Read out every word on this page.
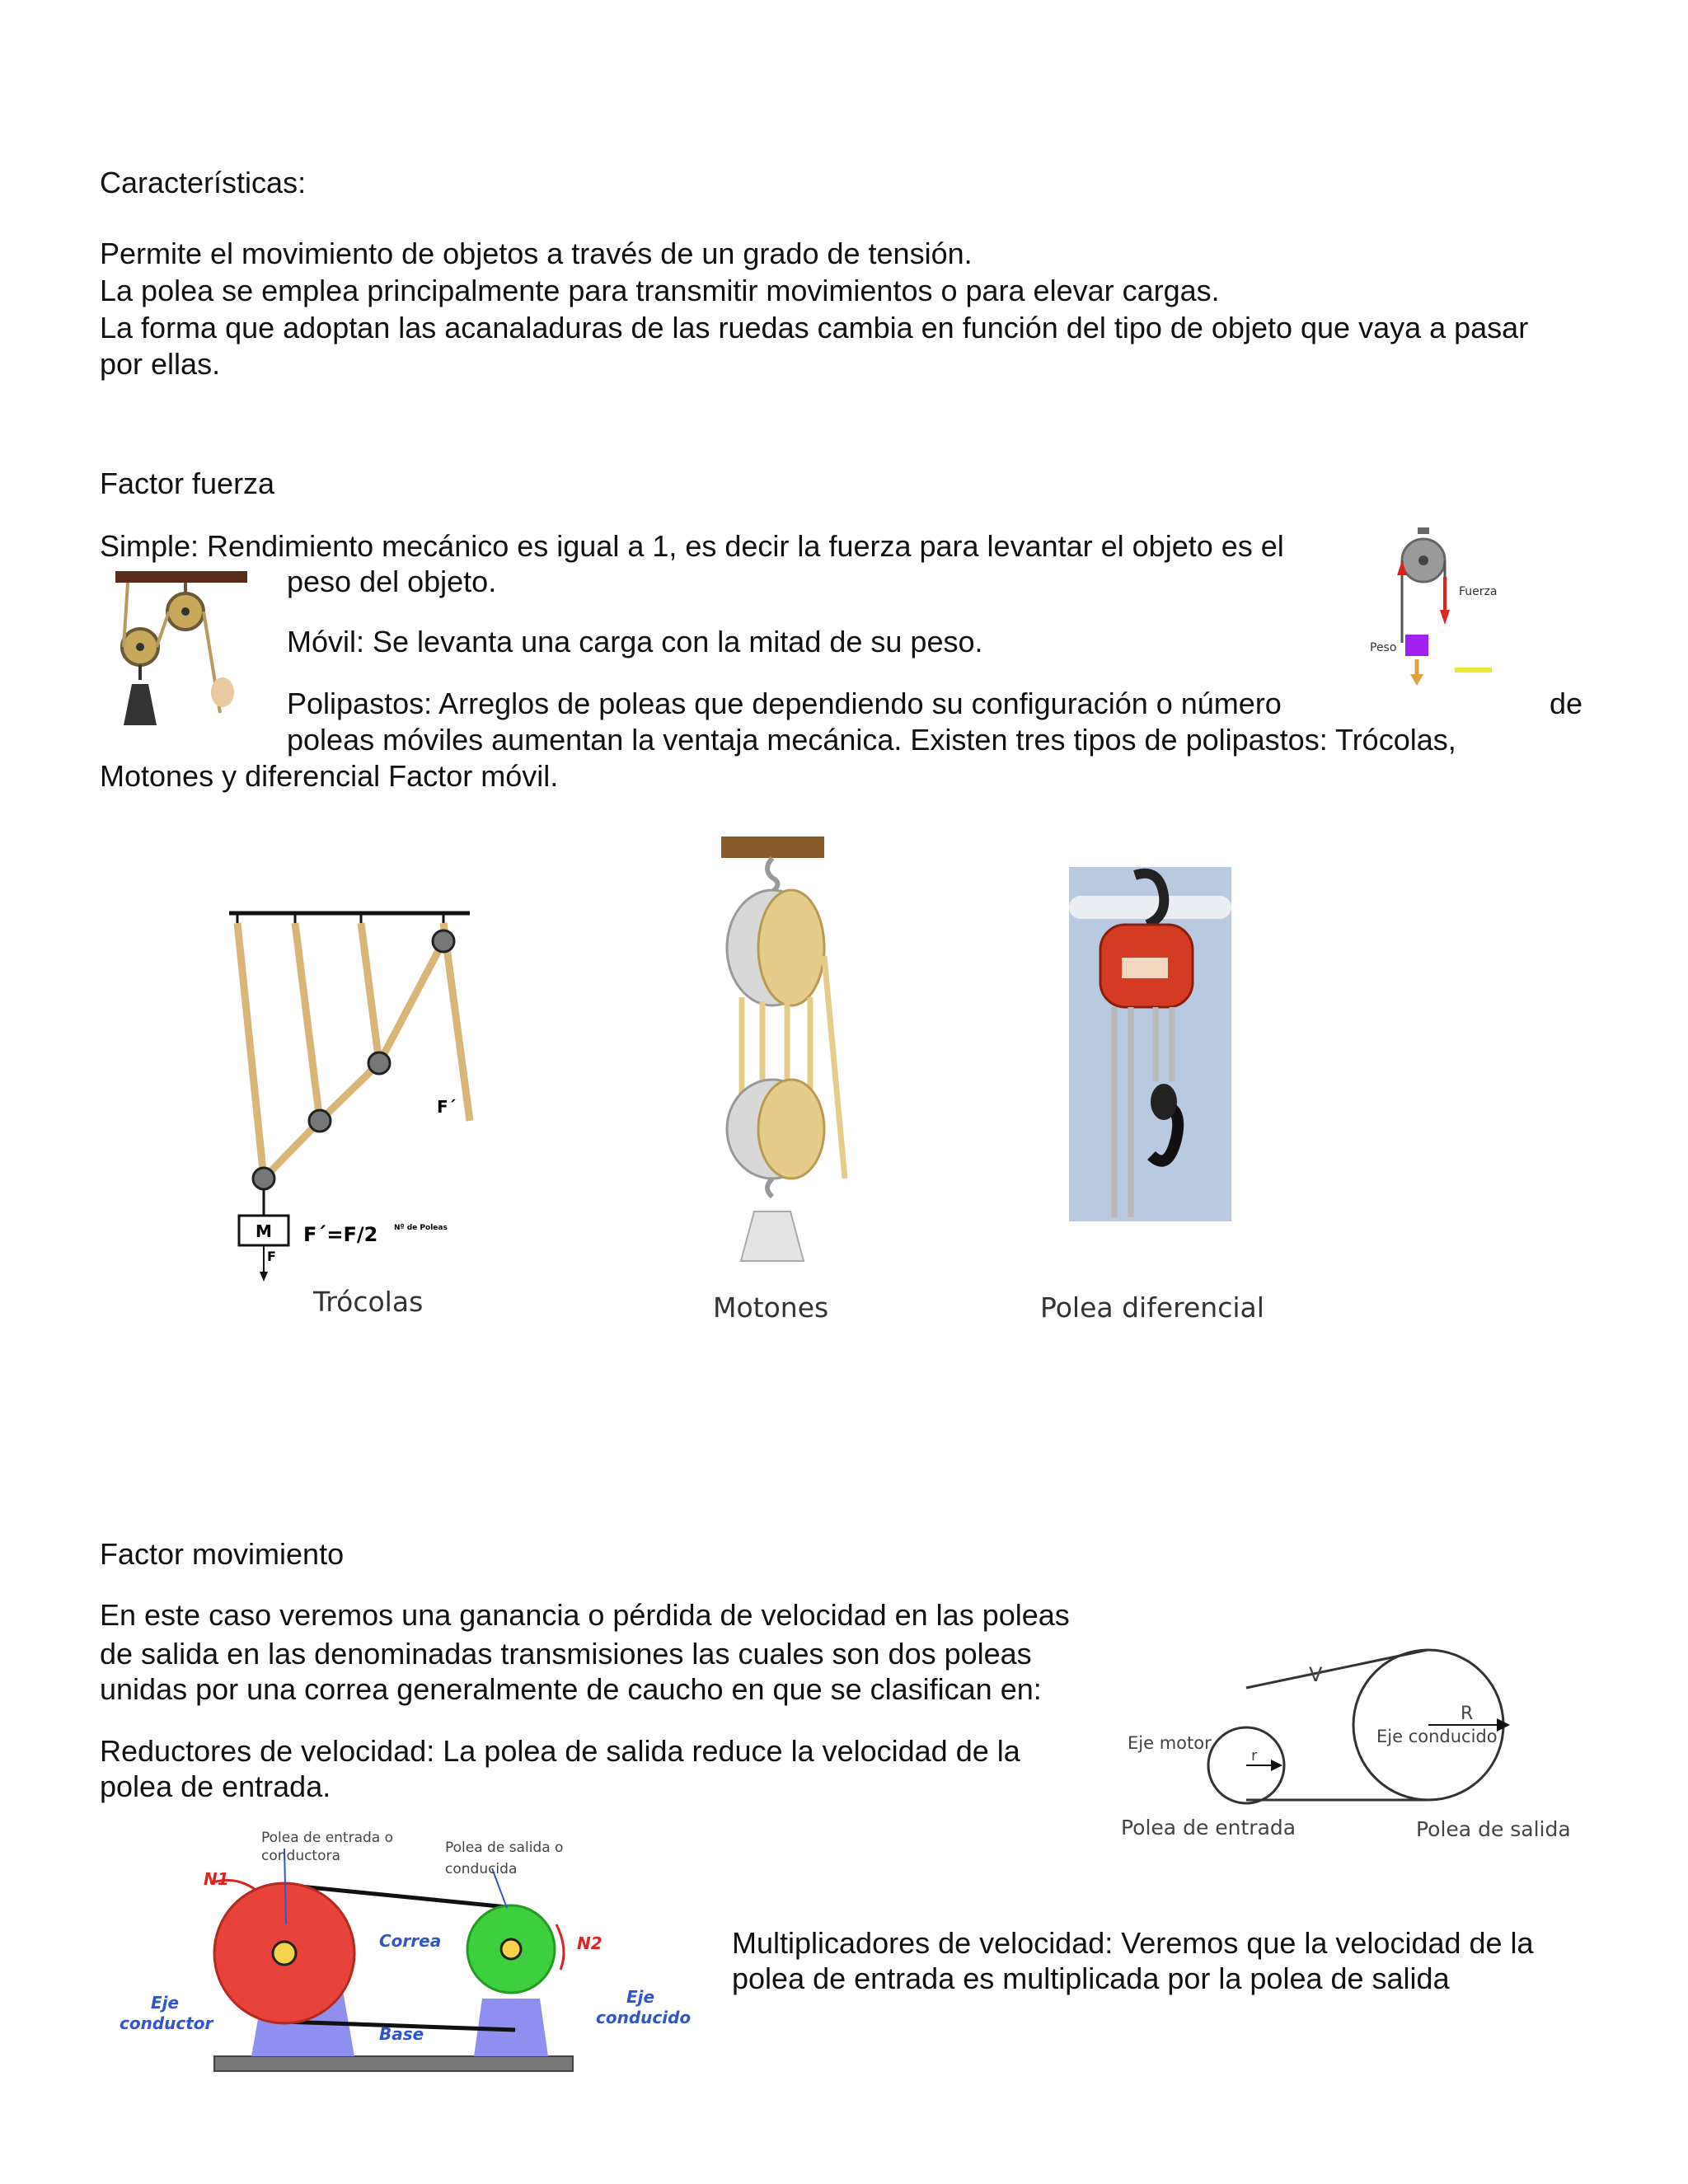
Características:

Permite el movimiento de objetos a través de un grado de tensión.

La polea se emplea principalmente para transmitir movimientos o para elevar cargas.

La forma que adoptan las acanaladuras de las ruedas cambia en función del tipo de objeto que vaya a pasar

por ellas.

Factor fuerza

Simple: Rendimiento mecánico es igual a 1, es decir la fuerza para levantar el objeto es el

peso del objeto.

Móvil: Se levanta una carga con la mitad de su peso.

Polipastos: Arreglos de poleas que dependiendo su configuración o número	de

poleas móviles aumentan la ventaja mecánica. Existen tres tipos de polipastos: Trócolas,

Motones y diferencial Factor móvil.

Fuerza
Peso
M
F
F´=F/2 Nº de Poleas
F´
Trócolas	Motones	Polea diferencial

Factor movimiento

En este caso veremos una ganancia o pérdida de velocidad en las poleas

de salida en las denominadas transmisiones las cuales son dos poleas

unidas por una correa generalmente de caucho en que se clasifican en:

Reductores de velocidad: La polea de salida reduce la velocidad de la

polea de entrada.

Multiplicadores de velocidad: Veremos que la velocidad de la

polea de entrada es multiplicada por la polea de salida

V
R
r
Eje motor	Eje conducido
Polea de entrada	Polea de salida
Polea de entrada o
conductora	Polea de salida o
conducida
N1
N2
Correa
Eje
conductor
Eje
conducido
Base
